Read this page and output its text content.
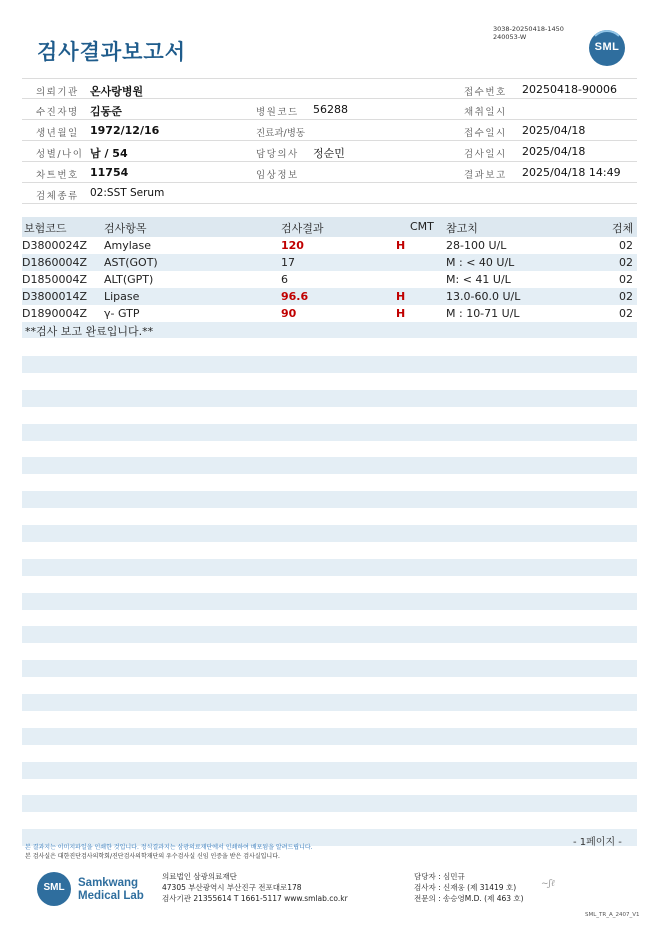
3038-20250418-1450
240053-W
검사결과보고서	SML
의뢰기관 온사랑병원	접수번호 20250418-90006
수진자명 김동준	병원코드 56288	채취일시
생년월일 1972/12/16	진료과/병동	접수일시 2025/04/18
성별/나이 남 / 54	담당의사 정순민	검사일시 2025/04/18
차트번호 11754	임상정보	결과보고 2025/04/18 14:49
검체종류 02:SST Serum
보험코드	검사항목	검사결과	CMT 참고치	검체
D3800024Z Amylase	120	H	28-100 U/L	02
D1860004Z AST(GOT)	17	M : < 40 U/L	02
D1850004Z ALT(GPT)	6	M: < 41 U/L	02
D3800014Z Lipase	96.6	H	13.0-60.0 U/L	02
D1890004Z γ- GTP	90	H	M : 10-71 U/L	02
**검사 보고 완료입니다.**
- 1페이지 -
본 결과지는 이미지파일을 인쇄한 것입니다. 정식결과지는 삼광의료재단에서 인쇄하여 배포됨을 알려드립니다.
본 검사실은 대한진단검사의학회/진단검사의학재단의 우수검사실 신임 인증을 받은 검사실입니다.
SML	Samkwang
Medical Lab
의료법인 삼광의료재단
47305 부산광역시 부산진구 전포대로178
검사기관 21355614 T 1661-5117 www.smlab.co.kr
담당자 : 심민규
검사자 : 신재웅 (제 31419 호)
전문의 : 송승영M.D. (제 463 호)
~ʃℓ
SML_TR_A_2407_V1
